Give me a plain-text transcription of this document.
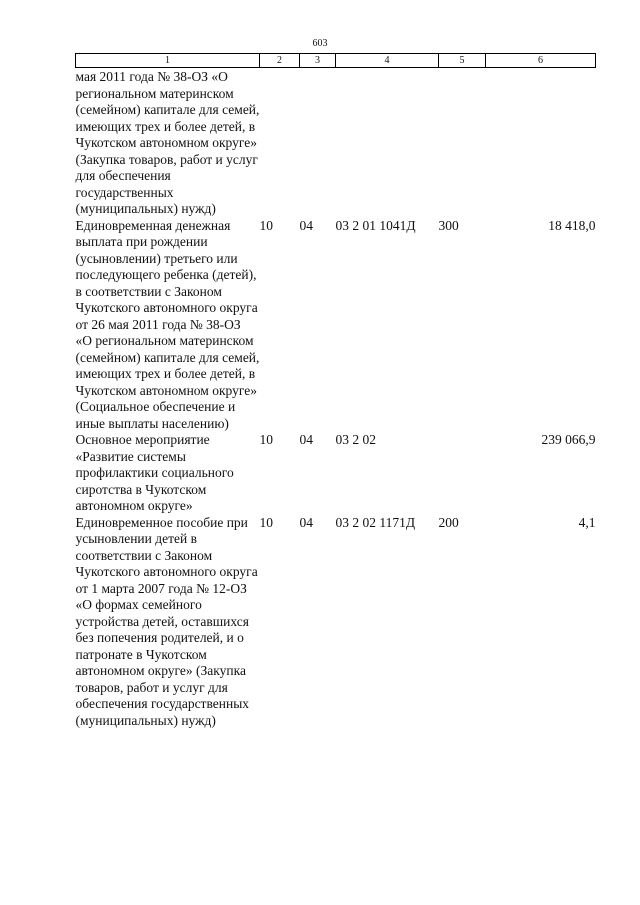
603
1	2	3	4	5	6
мая 2011 года № 38-ОЗ «О региональном материнском (семейном) капитале для семей, имеющих трех и более детей, в Чукотском автономном округе» (Закупка товаров, работ и услуг для обеспечения государственных (муниципальных) нужд)					
Единовременная денежная выплата при рождении (усыновлении) третьего или последующего ребенка (детей), в соответствии с Законом Чукотского автономного округа от 26 мая 2011 года № 38-ОЗ «О региональном материнском (семейном) капитале для семей, имеющих трех и более детей, в Чукотском автономном округе» (Социальное обеспечение и иные выплаты населению)	10	04	03 2 01 1041Д	300	18 418,0
Основное мероприятие «Развитие системы профилактики социального сиротства в Чукотском автономном округе»	10	04	03 2 02		239 066,9
Единовременное пособие при усыновлении детей в соответствии с Законом Чукотского автономного округа от 1 марта 2007 года № 12-ОЗ «О формах семейного устройства детей, оставшихся без попечения родителей, и о патронате в Чукотском автономном округе» (Закупка товаров, работ и услуг для обеспечения государственных (муниципальных) нужд)	10	04	03 2 02 1171Д	200	4,1
